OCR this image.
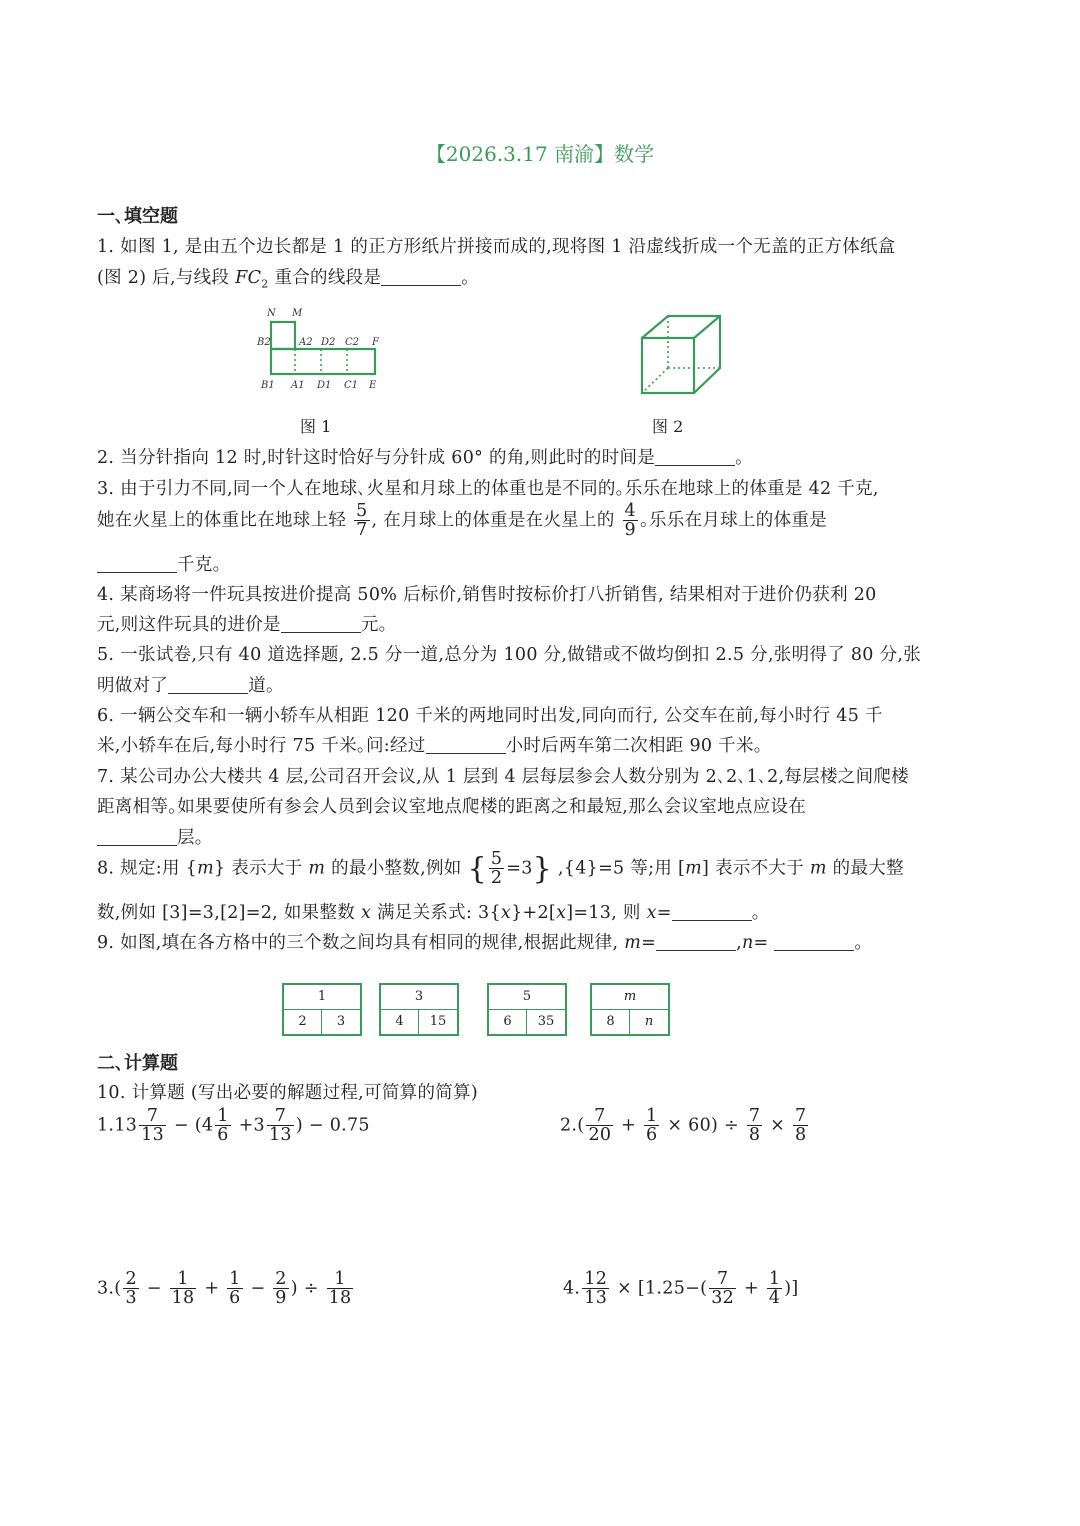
【2026.3.17 南渝】数学
一､填空题
1. 如图 1, 是由五个边长都是 1 的正方形纸片拼接而成的,现将图 1 沿虚线折成一个无盖的正方体纸盒
(图 2) 后,与线段 $FC_2$ 重合的线段是	。
N M
B2	A2 D2 C2 F
B1 A1 D1 C1 E
图 1	图 2
2. 当分针指向 12 时,时针这时恰好与分针成 60° 的角,则此时的时间是	。
3. 由于引力不同,同一个人在地球､火星和月球上的体重也是不同的｡乐乐在地球上的体重是 42 千克,
她在火星上的体重比在地球上轻 $\frac{5}{7}$ , 在月球上的体重是在火星上的 $\frac{4}{9}$ ｡乐乐在月球上的体重是
千克｡
4. 某商场将一件玩具按进价提高 50% 后标价,销售时按标价打八折销售, 结果相对于进价仍获利 20
元,则这件玩具的进价是	元｡
5. 一张试卷,只有 40 道选择题, 2.5 分一道,总分为 100 分,做错或不做均倒扣 2.5 分,张明得了 80 分,张
明做对了	道｡
6. 一辆公交车和一辆小轿车从相距 120 千米的两地同时出发,同向而行, 公交车在前,每小时行 45 千
米,小轿车在后,每小时行 75 千米｡问:经过	小时后两车第二次相距 90 千米｡
7. 某公司办公大楼共 4 层,公司召开会议,从 1 层到 4 层每层参会人数分别为 2､2､1､2,每层楼之间爬楼
距离相等｡如果要使所有参会人员到会议室地点爬楼的距离之和最短,那么会议室地点应设在
层｡
8. 规定:用 {m} 表示大于 m 的最小整数,例如 { $\frac{5}{2} =3$} ,{4}=5 等;用 [m] 表示不大于 m 的最大整
数,例如 [3]=3,[2]=2, 如果整数 x 满足关系式: 3{x}+2[x]=13, 则 x=	。
9. 如图,填在各方格中的三个数之间均具有相同的规律,根据此规律, m=	,n=	。
1
2	3
3
4	15
5
6	35
m
8	n
二､计算题
10. 计算题 (写出必要的解题过程,可简算的简算)
$1.13 \frac{7}{13} - (4 \frac{1}{6} +3 \frac{7}{13}$ ) − 0.75	$2.( \frac{7}{20} + \frac{1}{6} \times 60) \div \frac{7}{8} \times \frac{7}{8}$
$3.( \frac{2}{3} - \frac{1}{18} + \frac{1}{6} - \frac{2}{9}$ ) ÷ $\frac{1}{18}$	4. $\frac{12}{13} \times [1.25-( \frac{7}{32} + \frac{1}{4}$ )]
